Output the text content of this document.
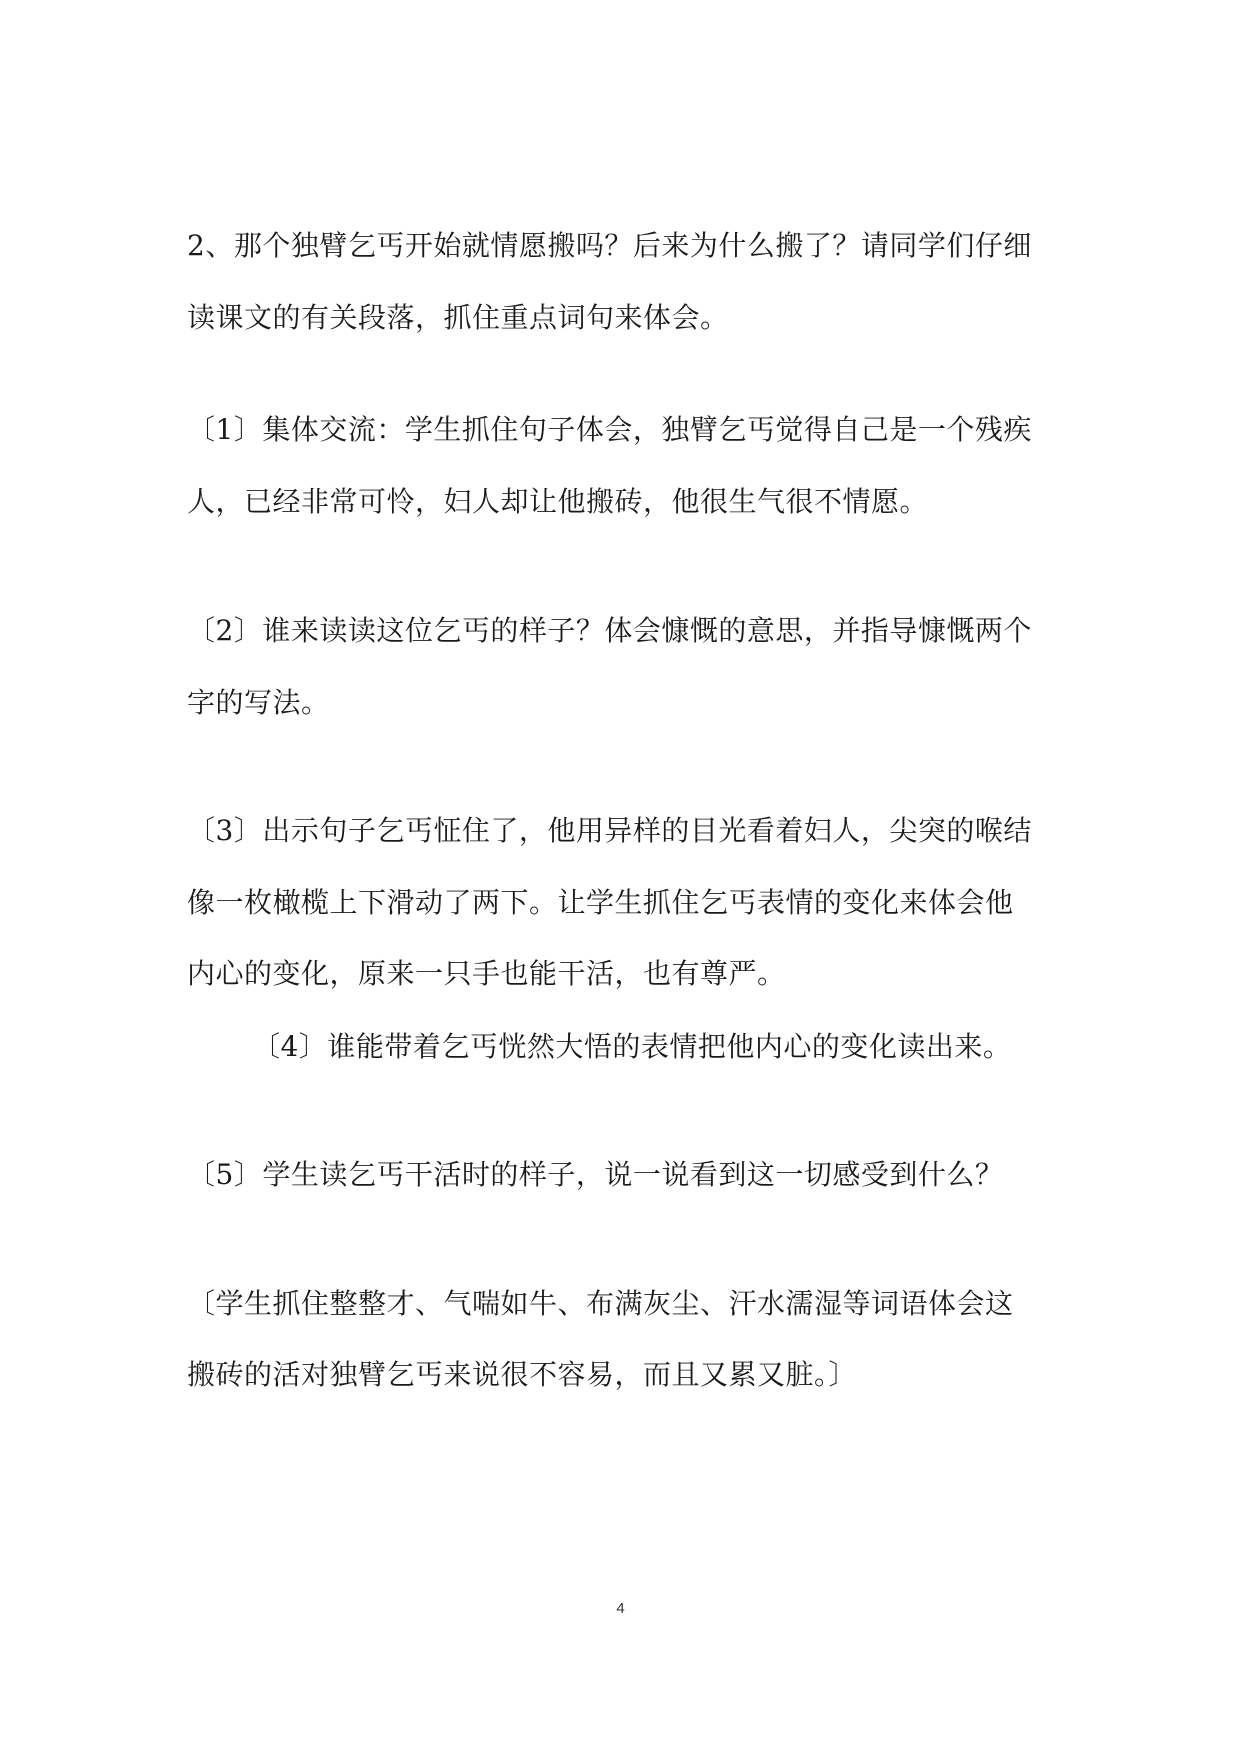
2、那个独臂乞丐开始就情愿搬吗？后来为什么搬了？请同学们仔细
读课文的有关段落，抓住重点词句来体会。
〔1〕集体交流：学生抓住句子体会，独臂乞丐觉得自己是一个残疾
人，已经非常可怜，妇人却让他搬砖，他很生气很不情愿。
〔2〕谁来读读这位乞丐的样子？体会慷慨的意思，并指导慷慨两个
字的写法。
〔3〕出示句子乞丐怔住了，他用异样的目光看着妇人，尖突的喉结
像一枚橄榄上下滑动了两下。让学生抓住乞丐表情的变化来体会他
内心的变化，原来一只手也能干活，也有尊严。
〔4〕谁能带着乞丐恍然大悟的表情把他内心的变化读出来。
〔5〕学生读乞丐干活时的样子，说一说看到这一切感受到什么？
〔学生抓住整整才、气喘如牛、布满灰尘、汗水濡湿等词语体会这
搬砖的活对独臂乞丐来说很不容易，而且又累又脏。〕
4
